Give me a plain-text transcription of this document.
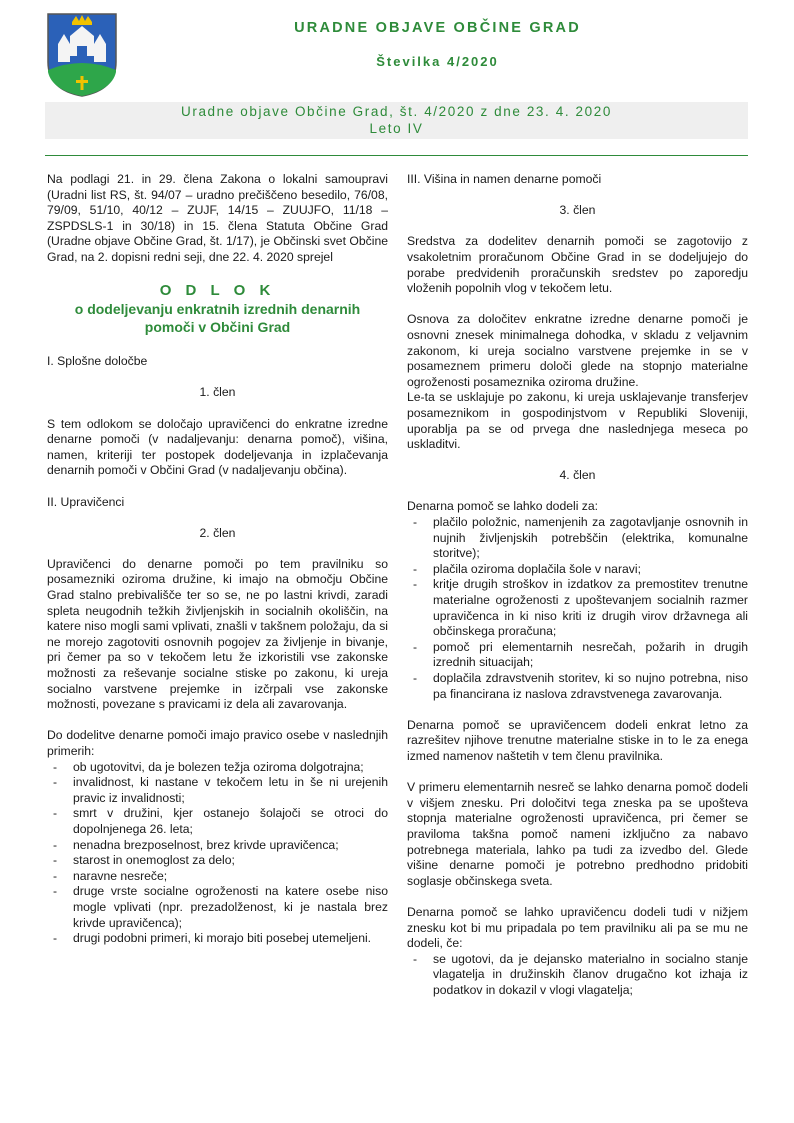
URADNE OBJAVE OBČINE GRAD
Številka 4/2020
Uradne objave Občine Grad, št. 4/2020 z dne 23. 4. 2020
Leto IV

Na podlagi 21. in 29. člena Zakona o lokalni samoupravi (Uradni list RS, št. 94/07 – uradno prečiščeno besedilo, 76/08, 79/09, 51/10, 40/12 – ZUJF, 14/15 – ZUUJFO, 11/18 – ZSPDSLS-1 in 30/18) in 15. člena Statuta Občine Grad (Uradne objave Občine Grad, št. 1/17), je Občinski svet Občine Grad, na 2. dopisni redni seji, dne 22. 4. 2020 sprejel

O D L O K
o dodeljevanju enkratnih izrednih denarnih
pomoči v Občini Grad

I. Splošne določbe

1. člen

S tem odlokom se določajo upravičenci do enkratne izredne denarne pomoči (v nadaljevanju: denarna pomoč), višina, namen, kriteriji ter postopek dodeljevanja in izplačevanja denarnih pomoči v Občini Grad (v nadaljevanju občina).

II. Upravičenci

2. člen

Upravičenci do denarne pomoči po tem pravilniku so posamezniki oziroma družine, ki imajo na območju Občine Grad stalno prebivališče ter so se, ne po lastni krivdi, zaradi spleta neugodnih težkih življenjskih in socialnih okoliščin, na katere niso mogli sami vplivati, znašli v takšnem položaju, da si ne morejo zagotoviti osnovnih pogojev za življenje in bivanje, pri čemer pa so v tekočem letu že izkoristili vse zakonske možnosti za reševanje socialne stiske po zakonu, ki ureja socialno varstvene prejemke in izčrpali vse zakonske možnosti, povezane s pravicami iz dela ali zavarovanja.

Do dodelitve denarne pomoči imajo pravico osebe v naslednjih primerih:

- ob ugotovitvi, da je bolezen težja oziroma dolgotrajna;
- invalidnost, ki nastane v tekočem letu in še ni urejenih pravic iz invalidnosti;
- smrt v družini, kjer ostanejo šolajoči se otroci do dopolnjenega 26. leta;
- nenadna brezposelnost, brez krivde upravičenca;
- starost in onemoglost za delo;
- naravne nesreče;
- druge vrste socialne ogroženosti na katere osebe niso mogle vplivati (npr. prezadolženost, ki je nastala brez krivde upravičenca);
- drugi podobni primeri, ki morajo biti posebej utemeljeni.

III. Višina in namen denarne pomoči

3. člen

Sredstva za dodelitev denarnih pomoči se zagotovijo z vsakoletnim proračunom Občine Grad in se dodeljujejo do porabe predvidenih proračunskih sredstev po zaporedju vloženih popolnih vlog v tekočem letu.

Osnova za določitev enkratne izredne denarne pomoči je osnovni znesek minimalnega dohodka, v skladu z veljavnim zakonom, ki ureja socialno varstvene prejemke in se v posameznem primeru določi glede na stopnjo materialne ogroženosti posameznika oziroma družine.

Le-ta se usklajuje po zakonu, ki ureja usklajevanje transferjev posameznikom in gospodinjstvom v Republiki Sloveniji, uporablja pa se od prvega dne naslednjega meseca po uskladitvi.

4. člen

Denarna pomoč se lahko dodeli za:

- plačilo položnic, namenjenih za zagotavljanje osnovnih in nujnih življenjskih potrebščin (elektrika, komunalne storitve);
- plačila oziroma doplačila šole v naravi;
- kritje drugih stroškov in izdatkov za premostitev trenutne materialne ogroženosti z upoštevanjem socialnih razmer upravičenca in ki niso kriti iz drugih virov državnega ali občinskega proračuna;
- pomoč pri elementarnih nesrečah, požarih in drugih izrednih situacijah;
- doplačila zdravstvenih storitev, ki so nujno potrebna, niso pa financirana iz naslova zdravstvenega zavarovanja.

Denarna pomoč se upravičencem dodeli enkrat letno za razrešitev njihove trenutne materialne stiske in to le za enega izmed namenov naštetih v tem členu pravilnika.

V primeru elementarnih nesreč se lahko denarna pomoč dodeli v višjem znesku. Pri določitvi tega zneska pa se upošteva stopnja materialne ogroženosti upravičenca, pri čemer se praviloma takšna pomoč nameni izključno za nabavo potrebnega materiala, lahko pa tudi za izvedbo del. Glede višine denarne pomoči je potrebno predhodno pridobiti soglasje občinskega sveta.

Denarna pomoč se lahko upravičencu dodeli tudi v nižjem znesku kot bi mu pripadala po tem pravilniku ali pa se mu ne dodeli, če:

- se ugotovi, da je dejansko materialno in socialno stanje vlagatelja in družinskih članov drugačno kot izhaja iz podatkov in dokazil v vlogi vlagatelja;
